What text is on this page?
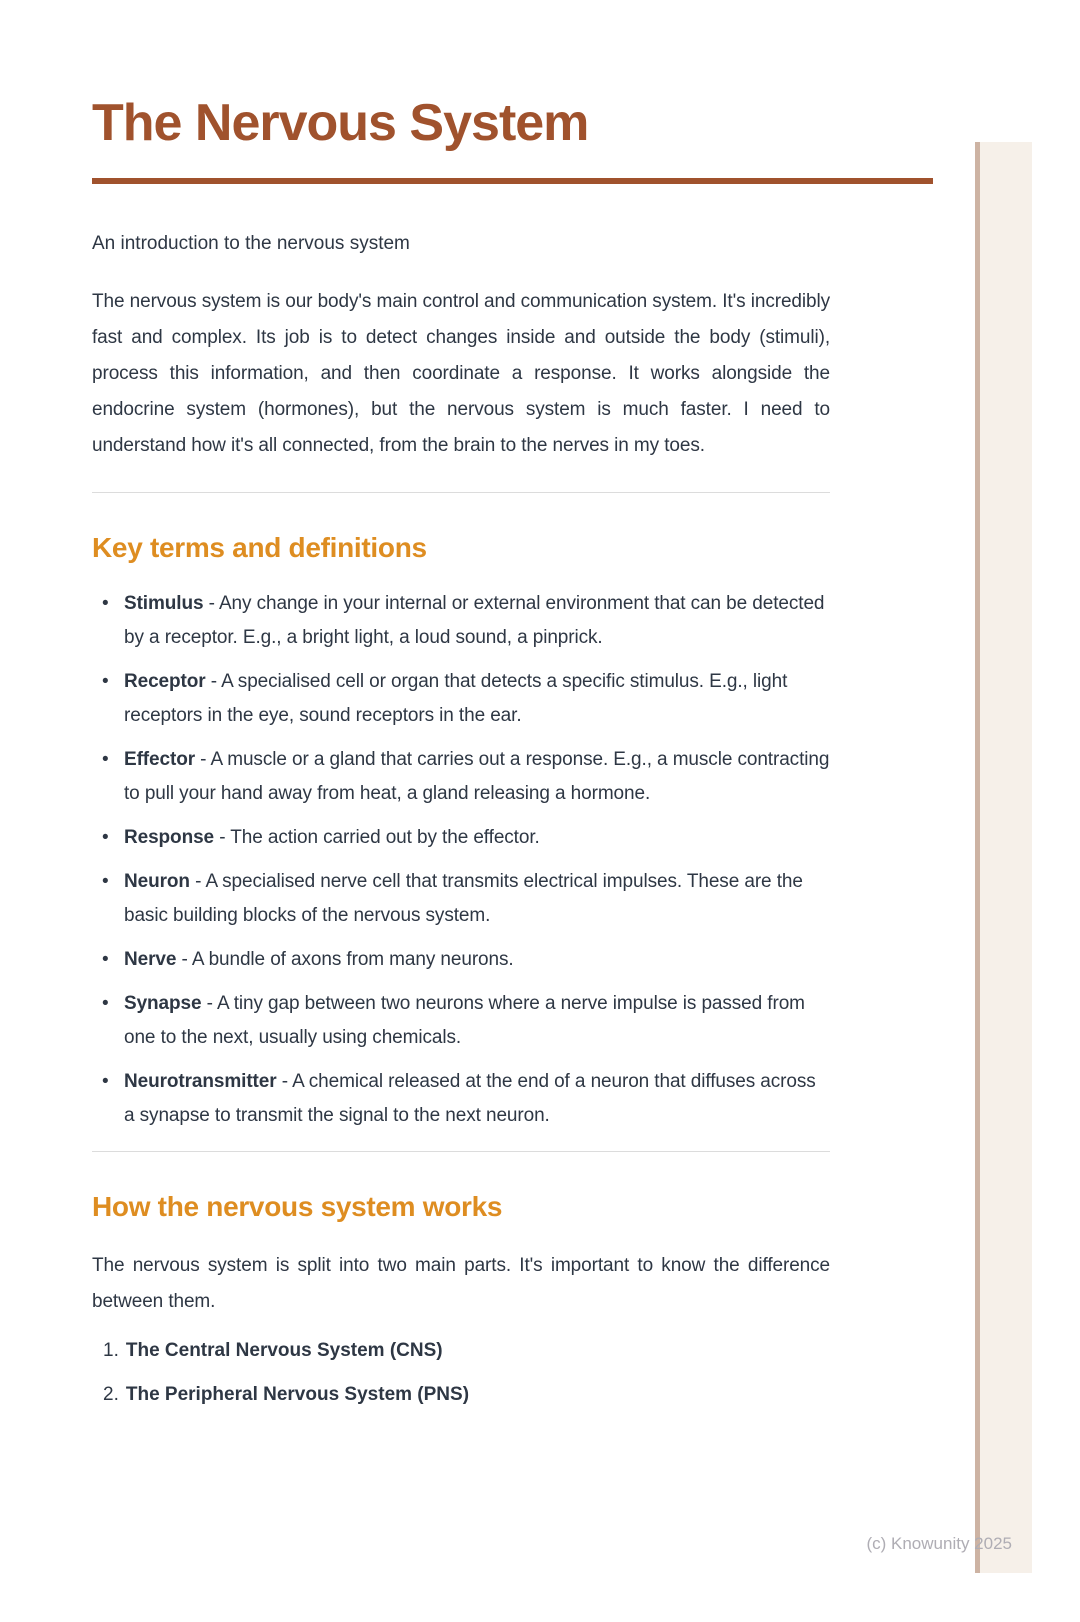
The Nervous System

An introduction to the nervous system

The nervous system is our body's main control and communication system. It's incredibly fast and complex. Its job is to detect changes inside and outside the body (stimuli), process this information, and then coordinate a response. It works alongside the endocrine system (hormones), but the nervous system is much faster. I need to understand how it's all connected, from the brain to the nerves in my toes.

Key terms and definitions
• Stimulus - Any change in your internal or external environment that can be detected by a receptor. E.g., a bright light, a loud sound, a pinprick.
• Receptor - A specialised cell or organ that detects a specific stimulus. E.g., light receptors in the eye, sound receptors in the ear.
• Effector - A muscle or a gland that carries out a response. E.g., a muscle contracting to pull your hand away from heat, a gland releasing a hormone.
• Response - The action carried out by the effector.
• Neuron - A specialised nerve cell that transmits electrical impulses. These are the basic building blocks of the nervous system.
• Nerve - A bundle of axons from many neurons.
• Synapse - A tiny gap between two neurons where a nerve impulse is passed from one to the next, usually using chemicals.
• Neurotransmitter - A chemical released at the end of a neuron that diffuses across a synapse to transmit the signal to the next neuron.
How the nervous system works

The nervous system is split into two main parts. It's important to know the difference between them.

1. The Central Nervous System (CNS)
2. The Peripheral Nervous System (PNS)
(c) Knowunity 2025
